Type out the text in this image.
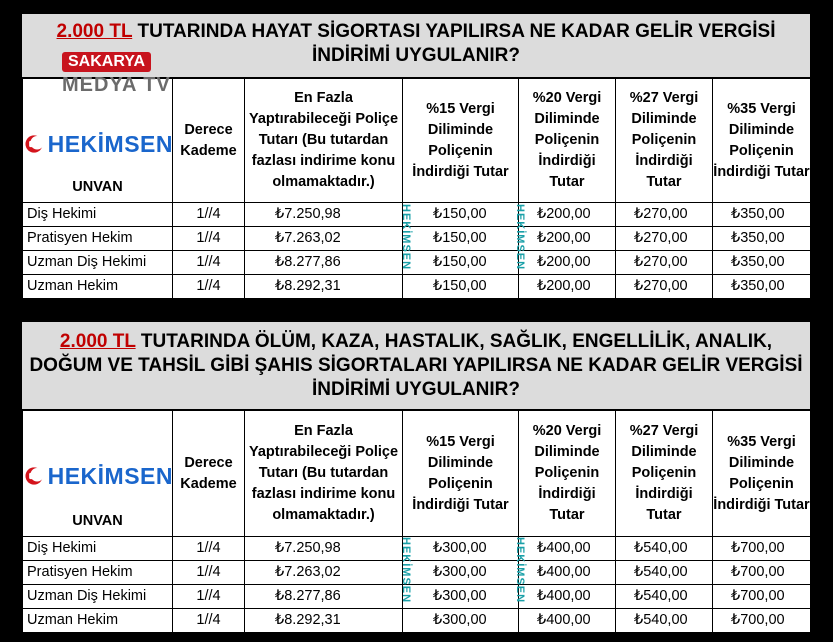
2.000 TL TUTARINDA HAYAT SİGORTASI YAPILIRSA NE KADAR GELİR VERGİSİ İNDİRİMİ UYGULANIR?
SAKARYA
MEDYA TV
HEKİMSEN
UNVAN	Derece Kademe	En Fazla Yaptırabileceği Poliçe Tutarı (Bu tutardan fazlası indirime konu olmamaktadır.)	%15 Vergi Diliminde Poliçenin İndirdiği Tutar	%20 Vergi Diliminde Poliçenin İndirdiği Tutar	%27 Vergi Diliminde Poliçenin İndirdiği Tutar	%35 Vergi Diliminde Poliçenin İndirdiği Tutar
Diş Hekimi	1//4	₺7.250,98	₺150,00	₺200,00	₺270,00	₺350,00
Pratisyen Hekim	1//4	₺7.263,02	₺150,00	₺200,00	₺270,00	₺350,00
Uzman Diş Hekimi	1//4	₺8.277,86	₺150,00	₺200,00	₺270,00	₺350,00
Uzman Hekim	1//4	₺8.292,31	₺150,00	₺200,00	₺270,00	₺350,00
HEKİMSEN	HEKİMSEN
2.000 TL TUTARINDA ÖLÜM, KAZA, HASTALIK, SAĞLIK, ENGELLİLİK, ANALIK, DOĞUM VE TAHSİL GİBİ ŞAHIS SİGORTALARI YAPILIRSA NE KADAR GELİR VERGİSİ İNDİRİMİ UYGULANIR?
HEKİMSEN
UNVAN	Derece Kademe	En Fazla Yaptırabileceği Poliçe Tutarı (Bu tutardan fazlası indirime konu olmamaktadır.)	%15 Vergi Diliminde Poliçenin İndirdiği Tutar	%20 Vergi Diliminde Poliçenin İndirdiği Tutar	%27 Vergi Diliminde Poliçenin İndirdiği Tutar	%35 Vergi Diliminde Poliçenin İndirdiği Tutar
Diş Hekimi	1//4	₺7.250,98	₺300,00	₺400,00	₺540,00	₺700,00
Pratisyen Hekim	1//4	₺7.263,02	₺300,00	₺400,00	₺540,00	₺700,00
Uzman Diş Hekimi	1//4	₺8.277,86	₺300,00	₺400,00	₺540,00	₺700,00
Uzman Hekim	1//4	₺8.292,31	₺300,00	₺400,00	₺540,00	₺700,00
HEKİMSEN	HEKİMSEN
